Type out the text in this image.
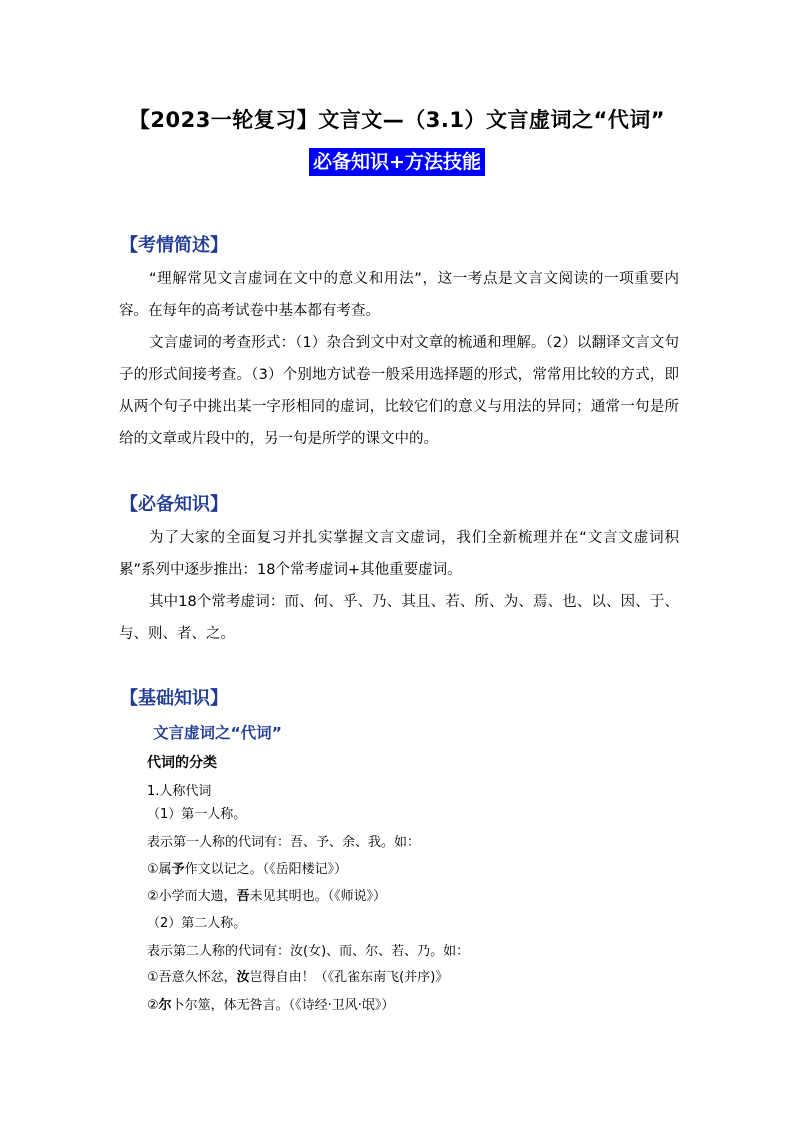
【2023一轮复习】文言文—（3.1）文言虚词之“代词”
必备知识+方法技能
【考情简述】
“理解常见文言虚词在文中的意义和用法”，这一考点是文言文阅读的一项重要内容。在每年的高考试卷中基本都有考查。
文言虚词的考查形式：（1）杂合到文中对文章的梳通和理解。（2）以翻译文言文句子的形式间接考查。（3）个别地方试卷一般采用选择题的形式，常常用比较的方式，即从两个句子中挑出某一字形相同的虚词，比较它们的意义与用法的异同；通常一句是所给的文章或片段中的，另一句是所学的课文中的。
【必备知识】
为了大家的全面复习并扎实掌握文言文虚词，我们全新梳理并在“文言文虚词积累”系列中逐步推出：18个常考虚词+其他重要虚词。
其中18个常考虚词：而、何、乎、乃、其且、若、所、为、焉、也、以、因、于、与、则、者、之。
【基础知识】
文言虚词之“代词”
代词的分类
1.人称代词
（1）第一人称。
表示第一人称的代词有：吾、予、余、我。如：
①属予作文以记之。（《岳阳楼记》）
②小学而大遗，吾未见其明也。（《师说》）
（2）第二人称。
表示第二人称的代词有：汝(女)、而、尔、若、乃。如：
①吾意久怀忿，汝岂得自由！（《孔雀东南飞(并序)》
②尔卜尔筮，体无咎言。（《诗经·卫风·氓》）
